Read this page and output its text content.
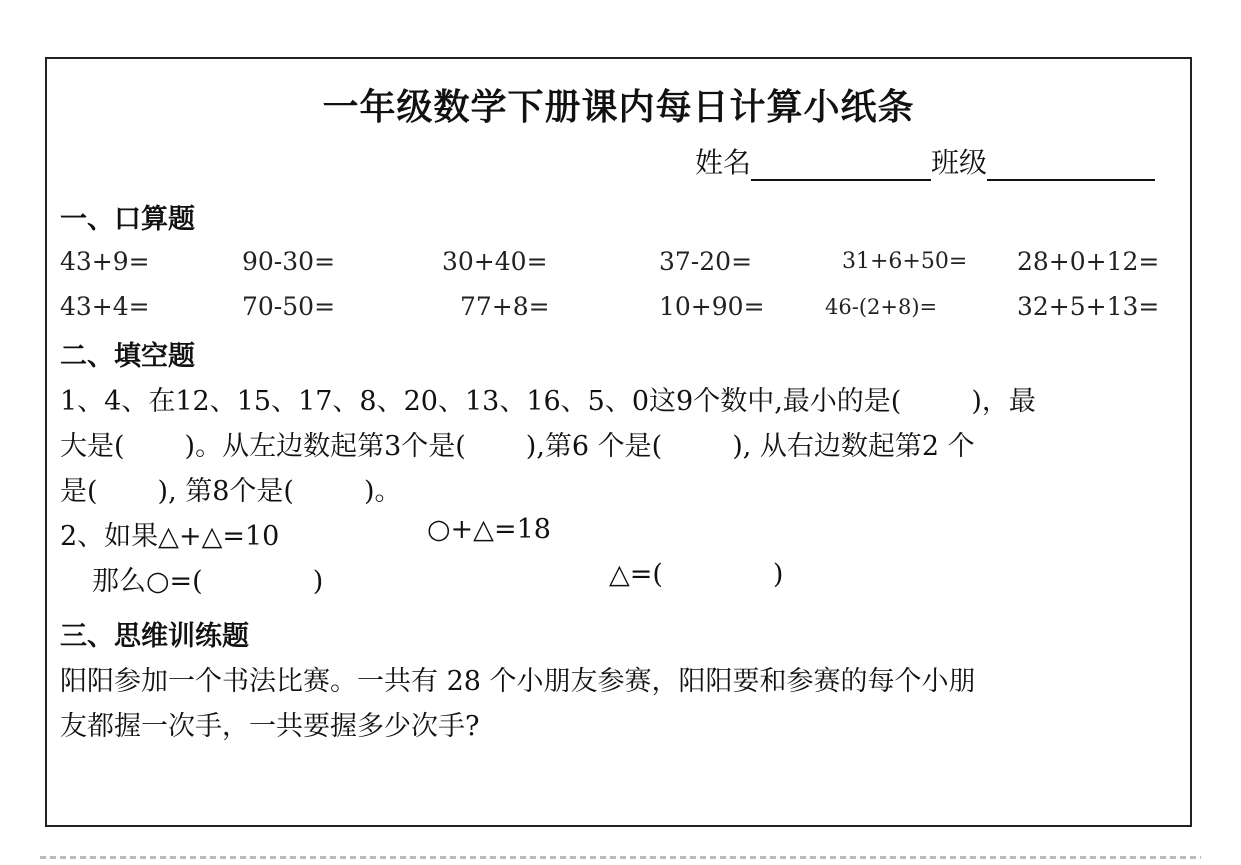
一年级数学下册课内每日计算小纸条
姓名	班级
一、口算题
43+9=	90-30=	30+40=	37-20=	31+6+50= 28+0+12=
43+4=	70-50=	77+8=	10+90=	46-(2+8)=	32+5+13=
二、填空题
1、4、在12、15、17、8、20、13、16、5、0这9个数中,最小的是(	)，最
大是( )。从左边数起第3个是( ),第6 个是(	), 从右边数起第2 个
是( ), 第8个是(	)。
2、如果△+△=10	○+△=18
那么○=(	)	△=(	)
三、思维训练题
阳阳参加一个书法比赛。一共有 28 个小朋友参赛，阳阳要和参赛的每个小朋
友都握一次手，一共要握多少次手?
